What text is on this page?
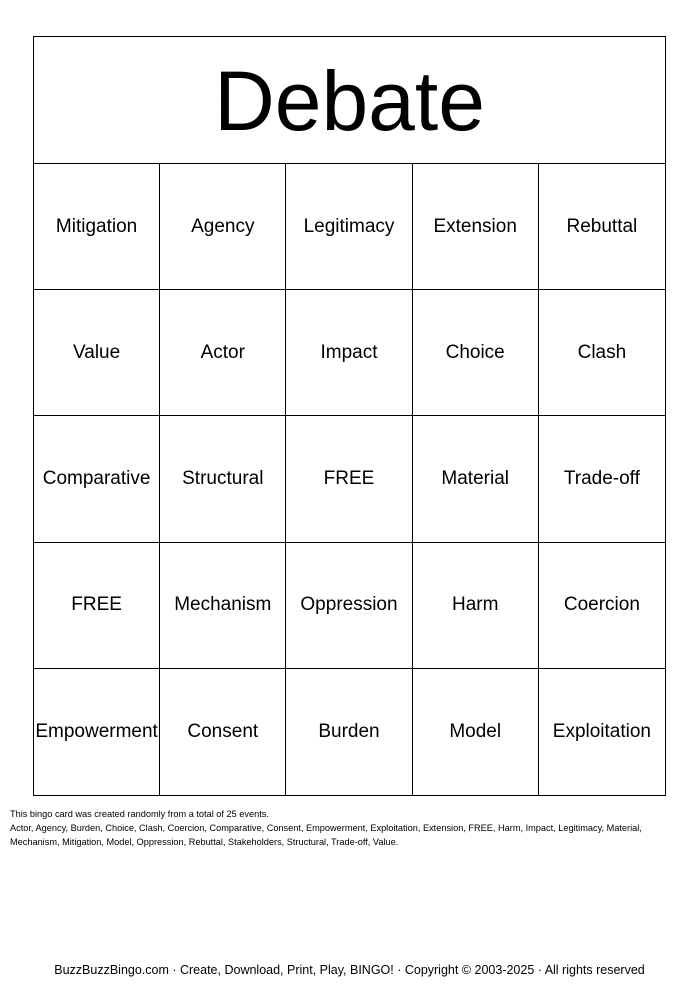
Debate
Mitigation	Agency	Legitimacy	Extension	Rebuttal
Value	Actor	Impact	Choice	Clash
Comparative	Structural	FREE	Material	Trade-off
FREE	Mechanism	Oppression	Harm	Coercion
Empowerment	Consent	Burden	Model	Exploitation
This bingo card was created randomly from a total of 25 events.
Actor, Agency, Burden, Choice, Clash, Coercion, Comparative, Consent, Empowerment, Exploitation, Extension, FREE, Harm, Impact, Legitimacy, Material, Mechanism, Mitigation, Model, Oppression, Rebuttal, Stakeholders, Structural, Trade-off, Value.
BuzzBuzzBingo.com · Create, Download, Print, Play, BINGO! · Copyright © 2003-2025 · All rights reserved
